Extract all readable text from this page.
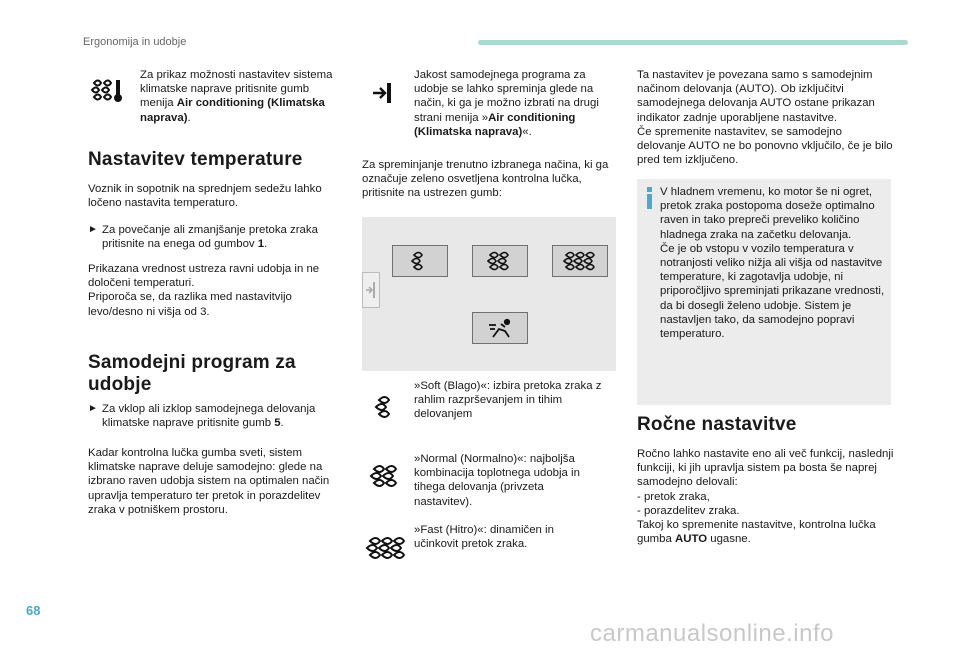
Ergonomija in udobje
Za prikaz možnosti nastavitev sistema klimatske naprave pritisnite gumb menija Air conditioning (Klimatska naprava).
Nastavitev temperature
Voznik in sopotnik na sprednjem sedežu lahko ločeno nastavita temperaturo.
► Za povečanje ali zmanjšanje pretoka zraka pritisnite na enega od gumbov 1.
Prikazana vrednost ustreza ravni udobja in ne določeni temperaturi.
Priporoča se, da razlika med nastavitvijo levo/desno ni višja od 3.
Samodejni program za
udobje
► Za vklop ali izklop samodejnega delovanja klimatske naprave pritisnite gumb 5.
Kadar kontrolna lučka gumba sveti, sistem klimatske naprave deluje samodejno: glede na izbrano raven udobja sistem na optimalen način upravlja temperaturo ter pretok in porazdelitev zraka v potniškem prostoru.
Jakost samodejnega programa za udobje se lahko spreminja glede na način, ki ga je možno izbrati na drugi strani menija »Air conditioning (Klimatska naprava)«.
Za spreminjanje trenutno izbranega načina, ki ga označuje zeleno osvetljena kontrolna lučka, pritisnite na ustrezen gumb:
»Soft (Blago)«: izbira pretoka zraka z rahlim razprševanjem in tihim delovanjem
»Normal (Normalno)«: najboljša kombinacija toplotnega udobja in tihega delovanja (privzeta nastavitev).
»Fast (Hitro)«: dinamičen in učinkovit pretok zraka.
Ta nastavitev je povezana samo s samodejnim načinom delovanja (AUTO). Ob izključitvi samodejnega delovanja AUTO ostane prikazan indikator zadnje uporabljene nastavitve.
Če spremenite nastavitev, se samodejno delovanje AUTO ne bo ponovno vključilo, če je bilo pred tem izključeno.
V hladnem vremenu, ko motor še ni ogret, pretok zraka postopoma doseže optimalno raven in tako prepreči preveliko količino hladnega zraka na začetku delovanja.
Če je ob vstopu v vozilo temperatura v notranjosti veliko nižja ali višja od nastavitve temperature, ki zagotavlja udobje, ni priporočljivo spreminjati prikazane vrednosti, da bi dosegli želeno udobje. Sistem je nastavljen tako, da samodejno popravi temperaturo.
Ročne nastavitve
Ročno lahko nastavite eno ali več funkcij, naslednji funkciji, ki jih upravlja sistem pa bosta še naprej samodejno delovali:
- pretok zraka,
- porazdelitev zraka.
Takoj ko spremenite nastavitve, kontrolna lučka gumba AUTO ugasne.
68
carmanualsonline.info
